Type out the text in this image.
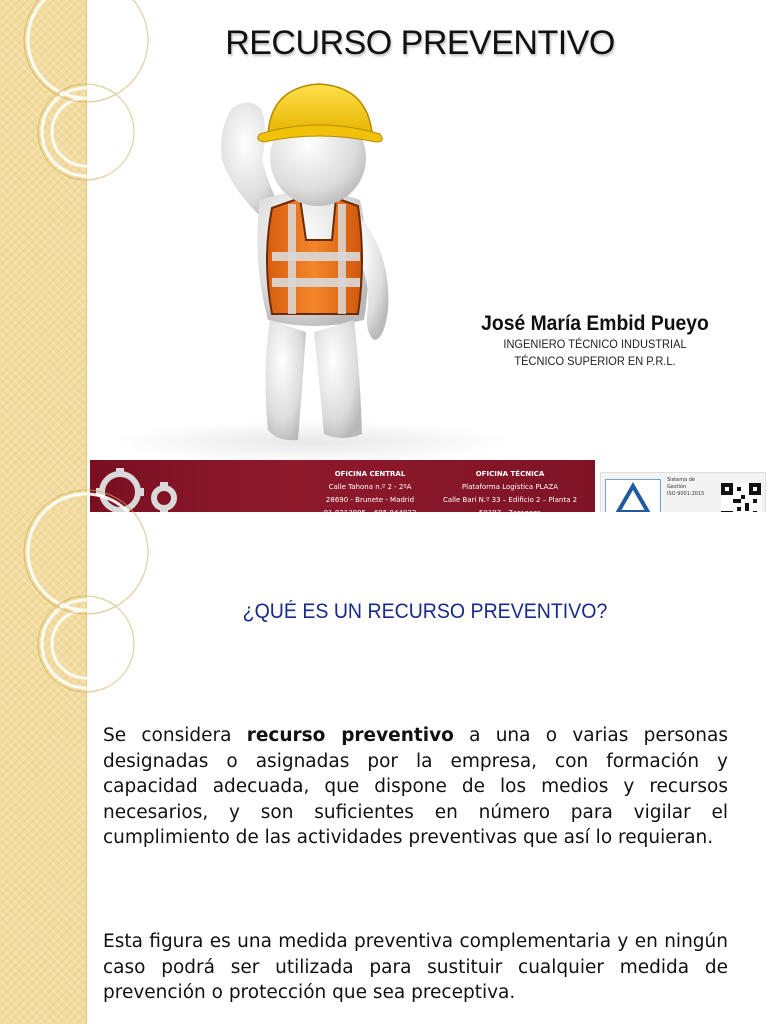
RECURSO PREVENTIVO
José María Embid Pueyo
INGENIERO TÉCNICO INDUSTRIAL
TÉCNICO SUPERIOR EN P.R.L.
OFICINA CENTRAL
Calle Tahona n.º 2 - 2ºA
28690 - Brunete - Madrid
OFICINA TÉCNICA
Plataforma Logística PLAZA
Calle Bari N.º 33 – Edificio 2 – Planta 2
Sistema de
Gestión
ISO 9001:2015
¿QUÉ ES UN RECURSO PREVENTIVO?

Se considera recurso preventivo a una o varias personas designadas o asignadas por la empresa, con formación y capacidad adecuada, que dispone de los medios y recursos necesarios, y son suficientes en número para vigilar el cumplimiento de las actividades preventivas que así lo requieran.

Esta figura es una medida preventiva complementaria y en ningún caso podrá ser utilizada para sustituir cualquier medida de prevención o protección que sea preceptiva.
